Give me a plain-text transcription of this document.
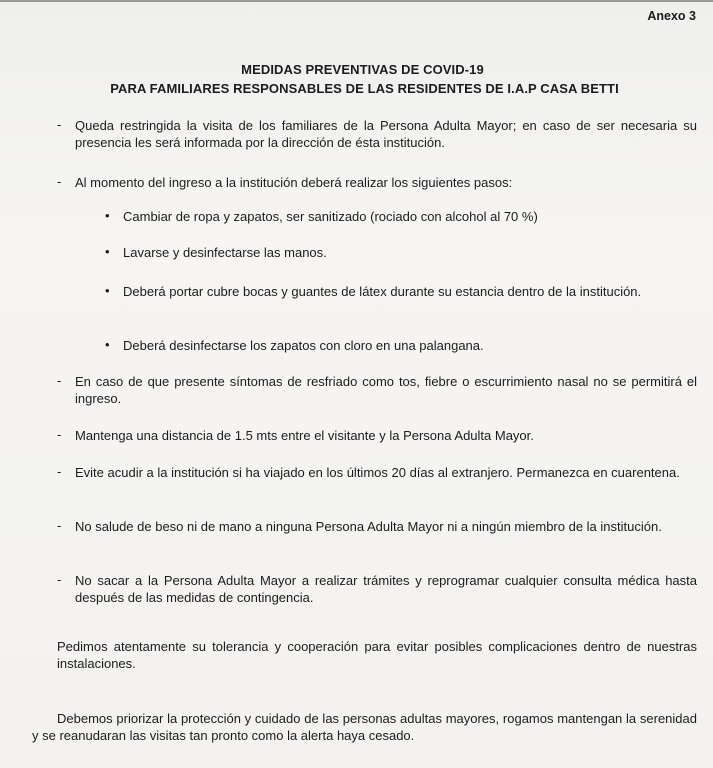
Anexo 3
MEDIDAS PREVENTIVAS DE COVID-19
PARA FAMILIARES RESPONSABLES DE LAS RESIDENTES DE I.A.P CASA BETTI
- Queda restringida la visita de los familiares de la Persona Adulta Mayor; en caso de ser necesaria su presencia les será informada por la dirección de ésta institución.
- Al momento del ingreso a la institución deberá realizar los siguientes pasos:
• Cambiar de ropa y zapatos, ser sanitizado (rociado con alcohol al 70 %)
• Lavarse y desinfectarse las manos.
• Deberá portar cubre bocas y guantes de látex durante su estancia dentro de la institución.
• Deberá desinfectarse los zapatos con cloro en una palangana.
- En caso de que presente síntomas de resfriado como tos, fiebre o escurrimiento nasal no se permitirá el ingreso.
- Mantenga una distancia de 1.5 mts entre el visitante y la Persona Adulta Mayor.
- Evite acudir a la institución si ha viajado en los últimos 20 días al extranjero. Permanezca en cuarentena.
- No salude de beso ni de mano a ninguna Persona Adulta Mayor ni a ningún miembro de la institución.
- No sacar a la Persona Adulta Mayor a realizar trámites y reprogramar cualquier consulta médica hasta después de las medidas de contingencia.
Pedimos atentamente su tolerancia y cooperación para evitar posibles complicaciones dentro de nuestras instalaciones.
Debemos priorizar la protección y cuidado de las personas adultas mayores, rogamos mantengan la serenidad y se reanudaran las visitas tan pronto como la alerta haya cesado.
